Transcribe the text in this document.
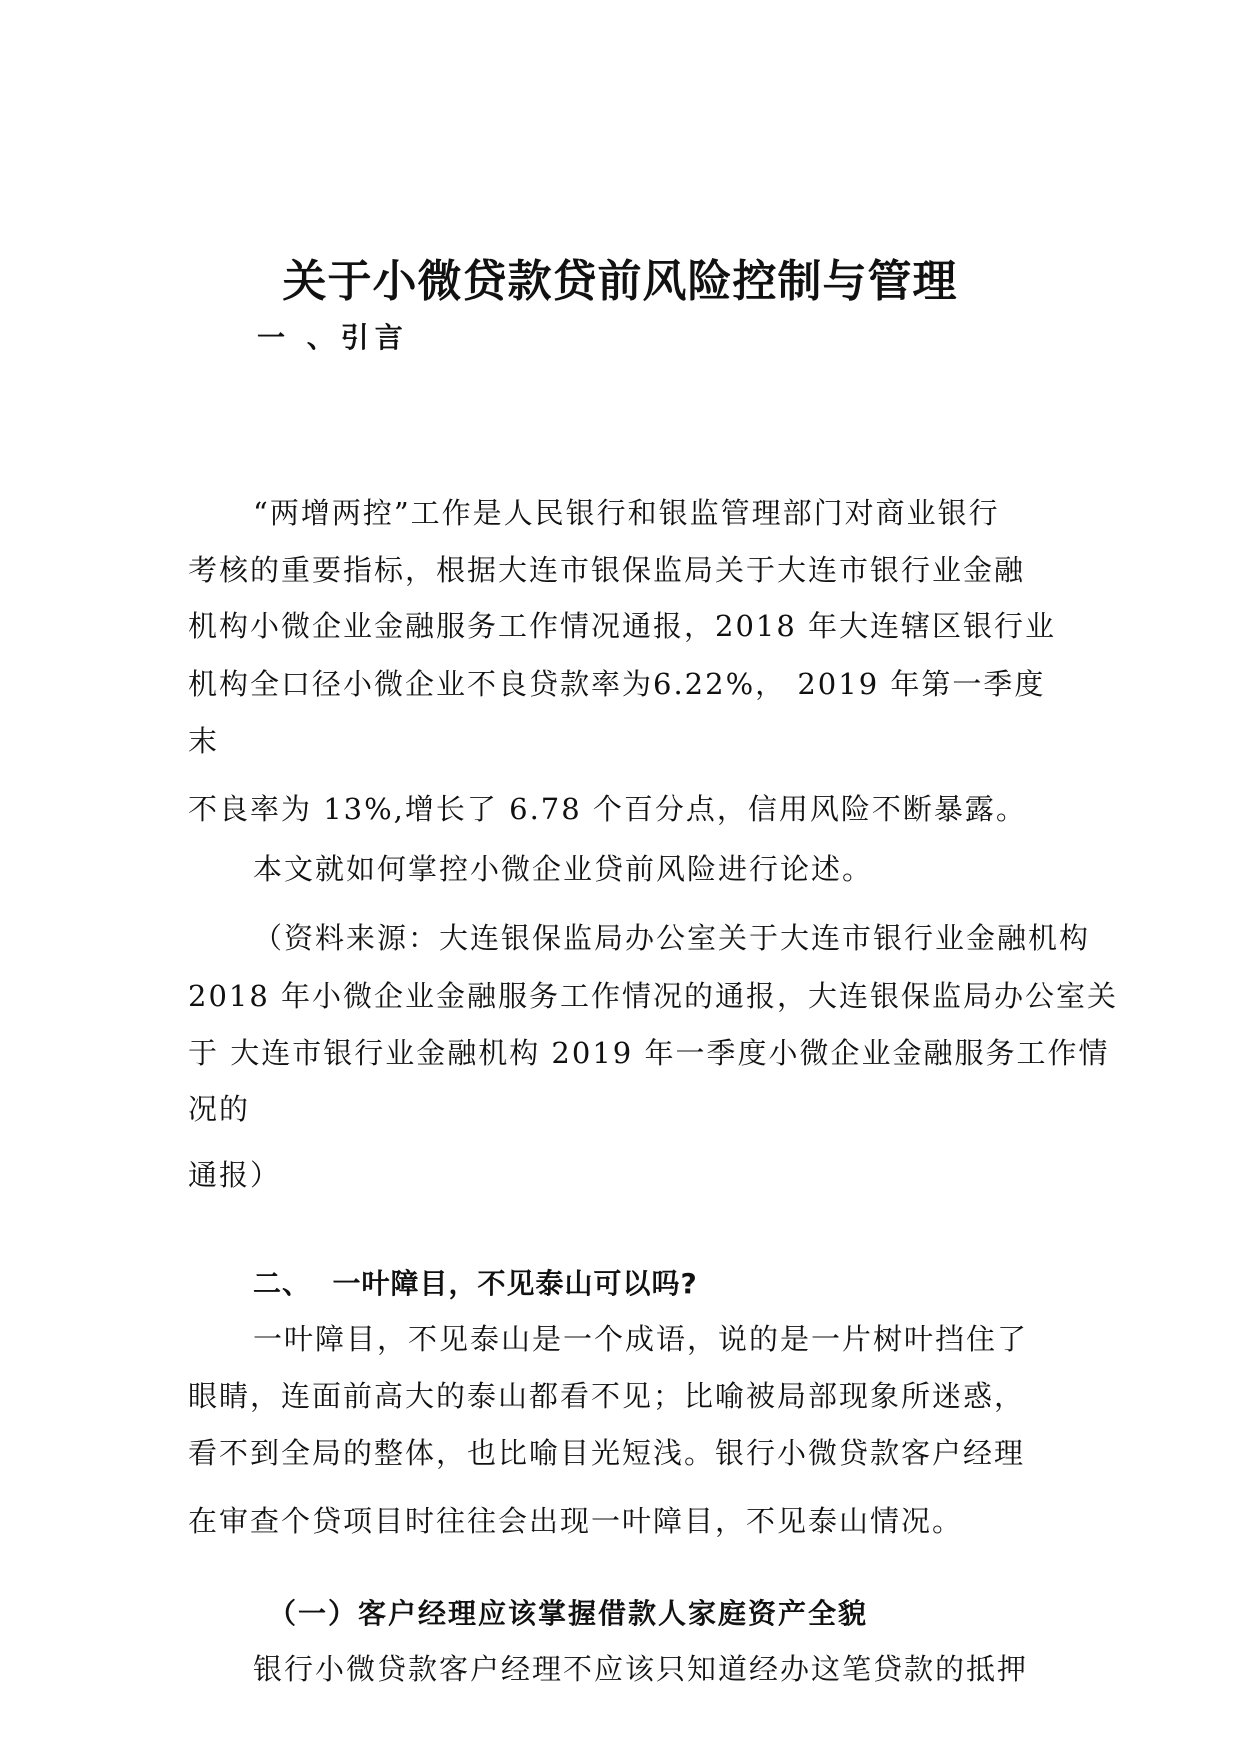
关于小微贷款贷前风险控制与管理
一 、引言
“两增两控”工作是人民银行和银监管理部门对商业银行
考核的重要指标，根据大连市银保监局关于大连市银行业金融
机构小微企业金融服务工作情况通报，2018 年大连辖区银行业
机构全口径小微企业不良贷款率为6.22%， 2019 年第一季度
末
不良率为 13%,增长了 6.78 个百分点，信用风险不断暴露。
本文就如何掌控小微企业贷前风险进行论述。
（资料来源：大连银保监局办公室关于大连市银行业金融机构
2018 年小微企业金融服务工作情况的通报，大连银保监局办公室关
于 大连市银行业金融机构 2019 年一季度小微企业金融服务工作情
况的
通报）
二、  一叶障目，不见泰山可以吗?
一叶障目，不见泰山是一个成语，说的是一片树叶挡住了
眼睛，连面前高大的泰山都看不见；比喻被局部现象所迷惑，
看不到全局的整体，也比喻目光短浅。银行小微贷款客户经理
在审查个贷项目时往往会出现一叶障目，不见泰山情况。
（一）客户经理应该掌握借款人家庭资产全貌
银行小微贷款客户经理不应该只知道经办这笔贷款的抵押
